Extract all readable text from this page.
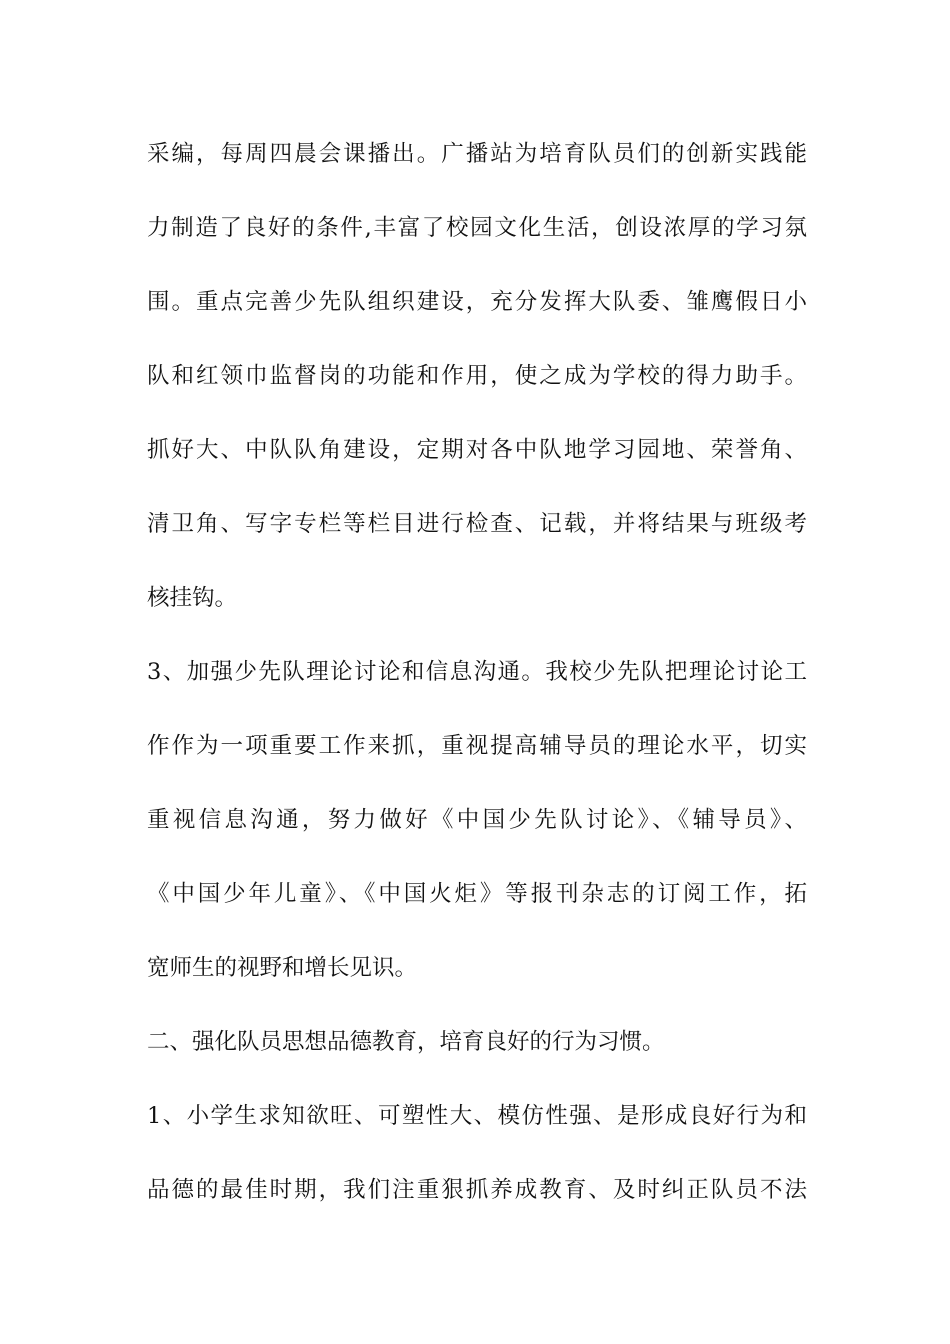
采编，每周四晨会课播出。广播站为培育队员们的创新实践能
力制造了良好的条件,丰富了校园文化生活，创设浓厚的学习氛
围。重点完善少先队组织建设，充分发挥大队委、雏鹰假日小
队和红领巾监督岗的功能和作用，使之成为学校的得力助手。
抓好大、中队队角建设，定期对各中队地学习园地、荣誉角、
清卫角、写字专栏等栏目进行检查、记载，并将结果与班级考
核挂钩。
3、加强少先队理论讨论和信息沟通。我校少先队把理论讨论工
作作为一项重要工作来抓，重视提高辅导员的理论水平，切实
重视信息沟通，努力做好《中国少先队讨论》、《辅导员》、
《中国少年儿童》、《中国火炬》等报刊杂志的订阅工作，拓
宽师生的视野和增长见识。
二、强化队员思想品德教育，培育良好的行为习惯。
1、小学生求知欲旺、可塑性大、模仿性强、是形成良好行为和
品德的最佳时期，我们注重狠抓养成教育、及时纠正队员不法
